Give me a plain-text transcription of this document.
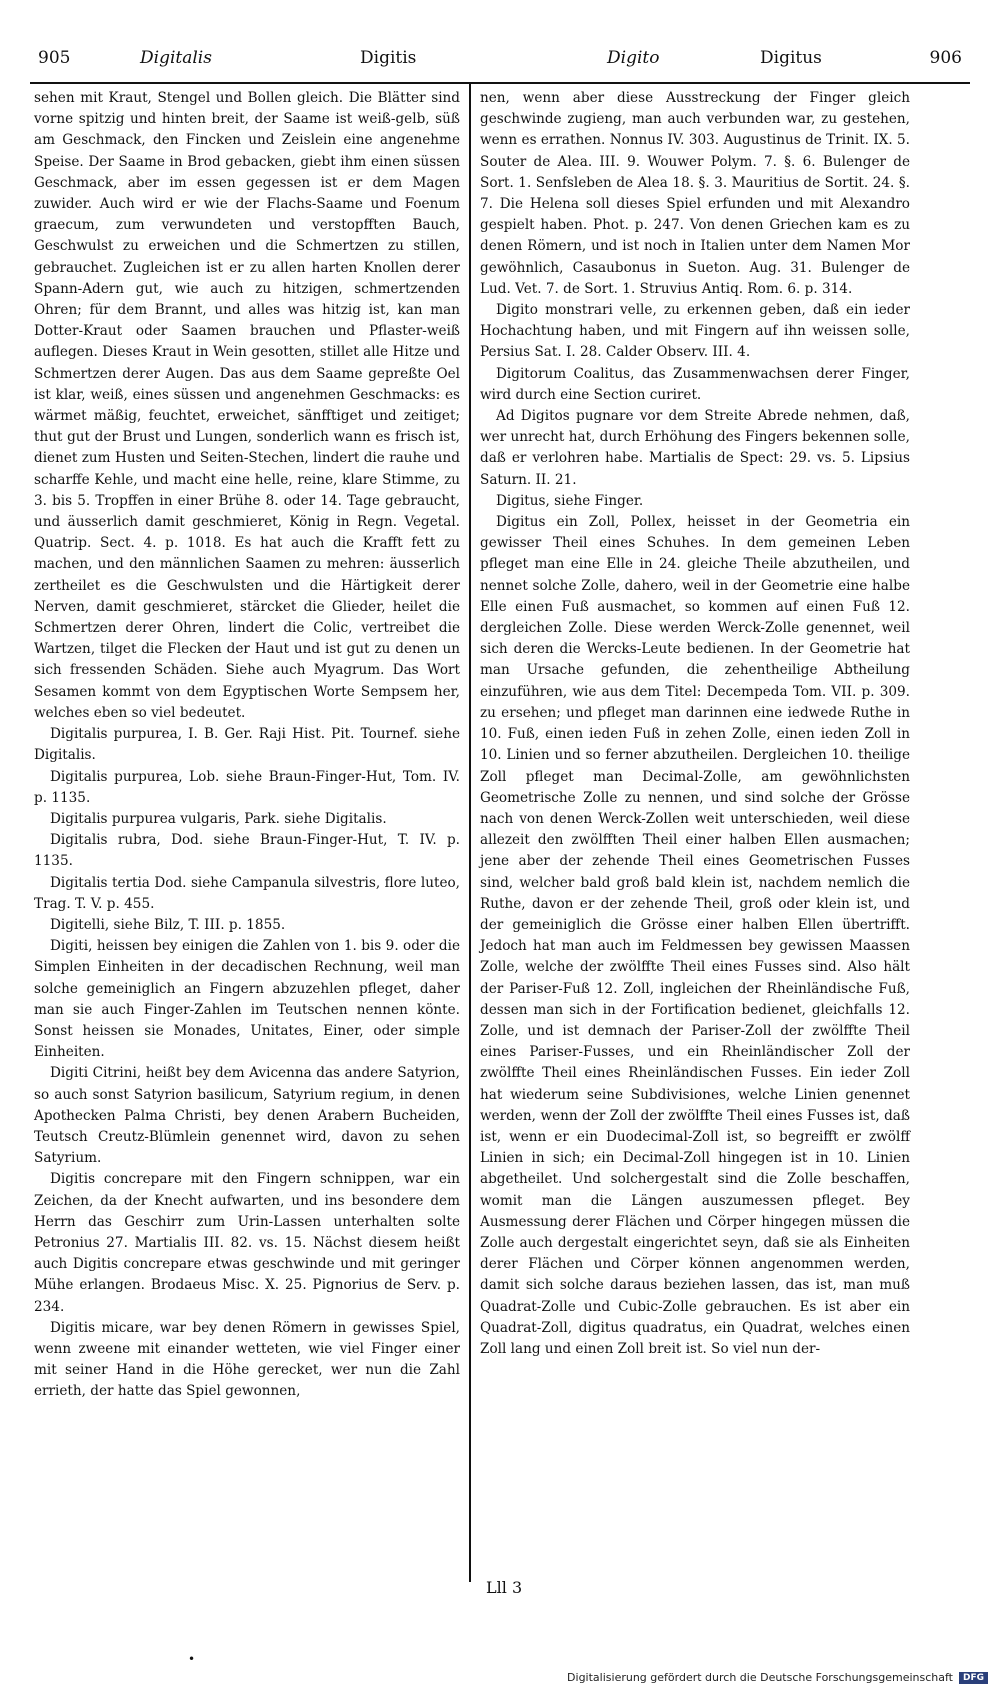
905	Digitalis	Digitis	Digito	Digitus	906

sehen mit Kraut, Stengel und Bollen gleich. Die Blätter sind vorne spitzig und hinten breit, der Saame ist weiß-gelb, süß am Geschmack, den Fincken und Zeislein eine angenehme Speise. Der Saame in Brod gebacken, giebt ihm einen süssen Geschmack, aber im essen gegessen ist er dem Magen zuwider. Auch wird er wie der Flachs-Saame und Foenum graecum, zum verwundeten und verstopfften Bauch, Geschwulst zu erweichen und die Schmertzen zu stillen, gebrauchet. Zugleichen ist er zu allen harten Knollen derer Spann-Adern gut, wie auch zu hitzigen, schmertzenden Ohren; für dem Brannt, und alles was hitzig ist, kan man Dotter-Kraut oder Saamen brauchen und Pflaster-weiß auflegen. Dieses Kraut in Wein gesotten, stillet alle Hitze und Schmertzen derer Augen. Das aus dem Saame gepreßte Oel ist klar, weiß, eines süssen und angenehmen Geschmacks: es wärmet mäßig, feuchtet, erweichet, sänfftiget und zeitiget; thut gut der Brust und Lungen, sonderlich wann es frisch ist, dienet zum Husten und Seiten-Stechen, lindert die rauhe und scharffe Kehle, und macht eine helle, reine, klare Stimme, zu 3. bis 5. Tropffen in einer Brühe 8. oder 14. Tage gebraucht, und äusserlich damit geschmieret, König in Regn. Vegetal. Quatrip. Sect. 4. p. 1018. Es hat auch die Krafft fett zu machen, und den männlichen Saamen zu mehren: äusserlich zertheilet es die Geschwulsten und die Härtigkeit derer Nerven, damit geschmieret, stärcket die Glieder, heilet die Schmertzen derer Ohren, lindert die Colic, vertreibet die Wartzen, tilget die Flecken der Haut und ist gut zu denen un sich fressenden Schäden. Siehe auch Myagrum. Das Wort Sesamen kommt von dem Egyptischen Worte Sempsem her, welches eben so viel bedeutet.

Digitalis purpurea, I. B. Ger. Raji Hist. Pit. Tournef. siehe Digitalis.

Digitalis purpurea, Lob. siehe Braun-Finger-Hut, Tom. IV. p. 1135.

Digitalis purpurea vulgaris, Park. siehe Digitalis.

Digitalis rubra, Dod. siehe Braun-Finger-Hut, T. IV. p. 1135.

Digitalis tertia Dod. siehe Campanula silvestris, flore luteo, Trag. T. V. p. 455.

Digitelli, siehe Bilz, T. III. p. 1855.

Digiti, heissen bey einigen die Zahlen von 1. bis 9. oder die Simplen Einheiten in der decadischen Rechnung, weil man solche gemeiniglich an Fingern abzuzehlen pfleget, daher man sie auch Finger-Zahlen im Teutschen nennen könte. Sonst heissen sie Monades, Unitates, Einer, oder simple Einheiten.

Digiti Citrini, heißt bey dem Avicenna das andere Satyrion, so auch sonst Satyrion basilicum, Satyrium regium, in denen Apothecken Palma Christi, bey denen Arabern Bucheiden, Teutsch Creutz-Blümlein genennet wird, davon zu sehen Satyrium.

Digitis concrepare mit den Fingern schnippen, war ein Zeichen, da der Knecht aufwarten, und ins besondere dem Herrn das Geschirr zum Urin-Lassen unterhalten solte Petronius 27. Martialis III. 82. vs. 15. Nächst diesem heißt auch Digitis concrepare etwas geschwinde und mit geringer Mühe erlangen. Brodaeus Misc. X. 25. Pignorius de Serv. p. 234.

Digitis micare, war bey denen Römern in gewisses Spiel, wenn zweene mit einander wetteten, wie viel Finger einer mit seiner Hand in die Höhe gerecket, wer nun die Zahl errieth, der hatte das Spiel gewonnen,

nen, wenn aber diese Ausstreckung der Finger gleich geschwinde zugieng, man auch verbunden war, zu gestehen, wenn es errathen. Nonnus IV. 303. Augustinus de Trinit. IX. 5. Souter de Alea. III. 9. Wouwer Polym. 7. §. 6. Bulenger de Sort. 1. Senfsleben de Alea 18. §. 3. Mauritius de Sortit. 24. §. 7. Die Helena soll dieses Spiel erfunden und mit Alexandro gespielt haben. Phot. p. 247. Von denen Griechen kam es zu denen Römern, und ist noch in Italien unter dem Namen Mor gewöhnlich, Casaubonus in Sueton. Aug. 31. Bulenger de Lud. Vet. 7. de Sort. 1. Struvius Antiq. Rom. 6. p. 314.

Digito monstrari velle, zu erkennen geben, daß ein ieder Hochachtung haben, und mit Fingern auf ihn weissen solle, Persius Sat. I. 28. Calder Observ. III. 4.

Digitorum Coalitus, das Zusammenwachsen derer Finger, wird durch eine Section curiret.

Ad Digitos pugnare vor dem Streite Abrede nehmen, daß, wer unrecht hat, durch Erhöhung des Fingers bekennen solle, daß er verlohren habe. Martialis de Spect: 29. vs. 5. Lipsius Saturn. II. 21.

Digitus, siehe Finger.

Digitus ein Zoll, Pollex, heisset in der Geometria ein gewisser Theil eines Schuhes. In dem gemeinen Leben pfleget man eine Elle in 24. gleiche Theile abzutheilen, und nennet solche Zolle, dahero, weil in der Geometrie eine halbe Elle einen Fuß ausmachet, so kommen auf einen Fuß 12. dergleichen Zolle. Diese werden Werck-Zolle genennet, weil sich deren die Wercks-Leute bedienen. In der Geometrie hat man Ursache gefunden, die zehentheilige Abtheilung einzuführen, wie aus dem Titel: Decempeda Tom. VII. p. 309. zu ersehen; und pfleget man darinnen eine iedwede Ruthe in 10. Fuß, einen ieden Fuß in zehen Zolle, einen ieden Zoll in 10. Linien und so ferner abzutheilen. Dergleichen 10. theilige Zoll pfleget man Decimal-Zolle, am gewöhnlichsten Geometrische Zolle zu nennen, und sind solche der Grösse nach von denen Werck-Zollen weit unterschieden, weil diese allezeit den zwölfften Theil einer halben Ellen ausmachen; jene aber der zehende Theil eines Geometrischen Fusses sind, welcher bald groß bald klein ist, nachdem nemlich die Ruthe, davon er der zehende Theil, groß oder klein ist, und der gemeiniglich die Grösse einer halben Ellen übertrifft. Jedoch hat man auch im Feldmessen bey gewissen Maassen Zolle, welche der zwölffte Theil eines Fusses sind. Also hält der Pariser-Fuß 12. Zoll, ingleichen der Rheinländische Fuß, dessen man sich in der Fortification bedienet, gleichfalls 12. Zolle, und ist demnach der Pariser-Zoll der zwölffte Theil eines Pariser-Fusses, und ein Rheinländischer Zoll der zwölffte Theil eines Rheinländischen Fusses. Ein ieder Zoll hat wiederum seine Subdivisiones, welche Linien genennet werden, wenn der Zoll der zwölffte Theil eines Fusses ist, daß ist, wenn er ein Duodecimal-Zoll ist, so begreifft er zwölff Linien in sich; ein Decimal-Zoll hingegen ist in 10. Linien abgetheilet. Und solchergestalt sind die Zolle beschaffen, womit man die Längen auszumessen pfleget. Bey Ausmessung derer Flächen und Cörper hingegen müssen die Zolle auch dergestalt eingerichtet seyn, daß sie als Einheiten derer Flächen und Cörper können angenommen werden, damit sich solche daraus beziehen lassen, das ist, man muß Quadrat-Zolle und Cubic-Zolle gebrauchen. Es ist aber ein Quadrat-Zoll, digitus quadratus, ein Quadrat, welches einen Zoll lang und einen Zoll breit ist. So viel nun der-

Lll 3
•
Digitalisierung gefördert durch die Deutsche Forschungsgemeinschaft	DFG
